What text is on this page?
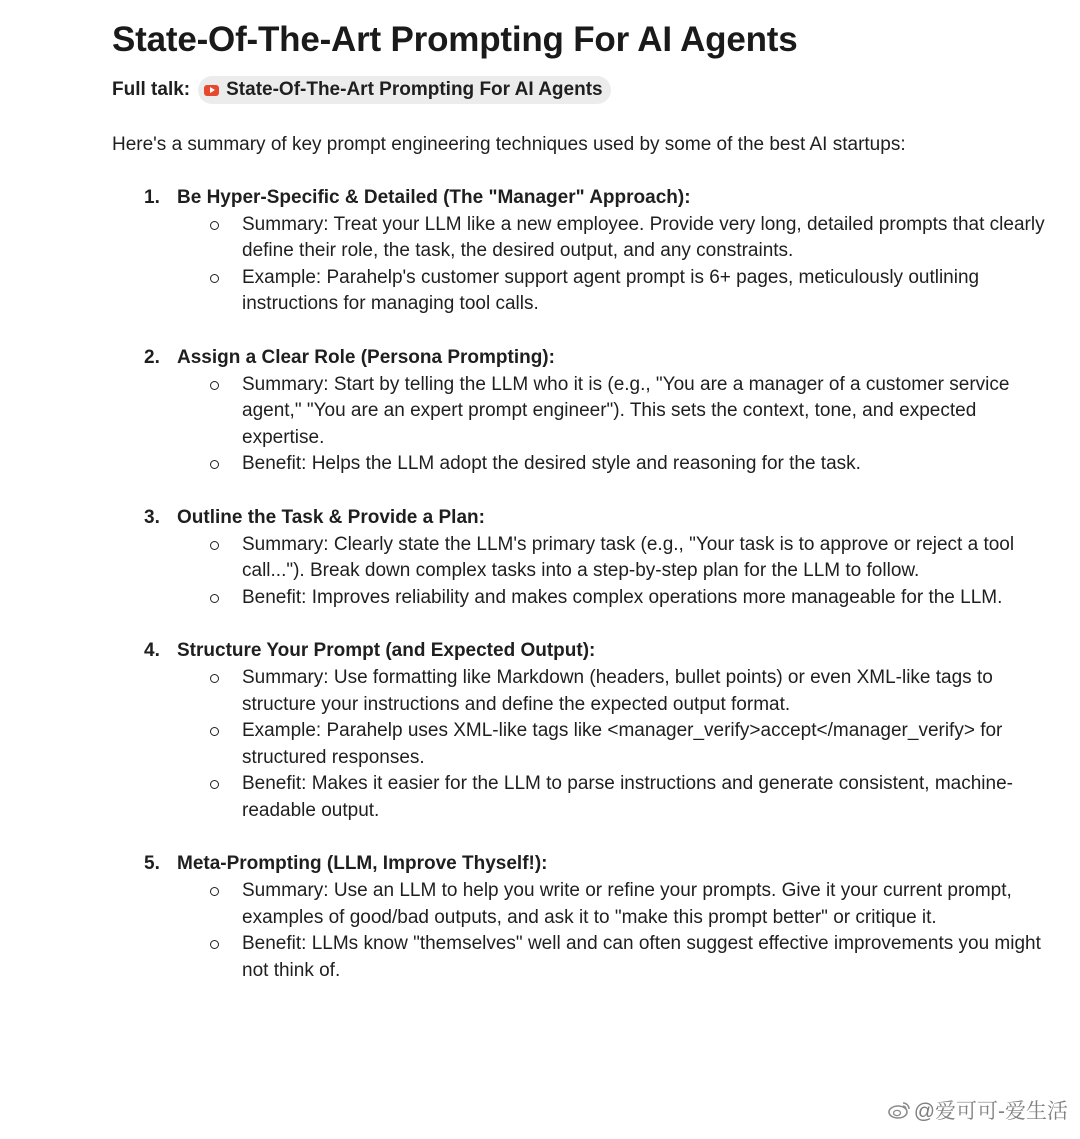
State-Of-The-Art Prompting For AI Agents
Full talk: State-Of-The-Art Prompting For AI Agents
Here's a summary of key prompt engineering techniques used by some of the best AI startups:
1. Be Hyper-Specific & Detailed (The "Manager" Approach):
Summary: Treat your LLM like a new employee. Provide very long, detailed prompts that clearly define their role, the task, the desired output, and any constraints.
Example: Parahelp's customer support agent prompt is 6+ pages, meticulously outlining instructions for managing tool calls.
2. Assign a Clear Role (Persona Prompting):
Summary: Start by telling the LLM who it is (e.g., "You are a manager of a customer service agent," "You are an expert prompt engineer"). This sets the context, tone, and expected expertise.
Benefit: Helps the LLM adopt the desired style and reasoning for the task.
3. Outline the Task & Provide a Plan:
Summary: Clearly state the LLM's primary task (e.g., "Your task is to approve or reject a tool call..."). Break down complex tasks into a step-by-step plan for the LLM to follow.
Benefit: Improves reliability and makes complex operations more manageable for the LLM.
4. Structure Your Prompt (and Expected Output):
Summary: Use formatting like Markdown (headers, bullet points) or even XML-like tags to structure your instructions and define the expected output format.
Example: Parahelp uses XML-like tags like <manager_verify>accept</manager_verify> for structured responses.
Benefit: Makes it easier for the LLM to parse instructions and generate consistent, machine-readable output.
5. Meta-Prompting (LLM, Improve Thyself!):
Summary: Use an LLM to help you write or refine your prompts. Give it your current prompt, examples of good/bad outputs, and ask it to "make this prompt better" or critique it.
Benefit: LLMs know "themselves" well and can often suggest effective improvements you might not think of.
@爱可可-爱生活
